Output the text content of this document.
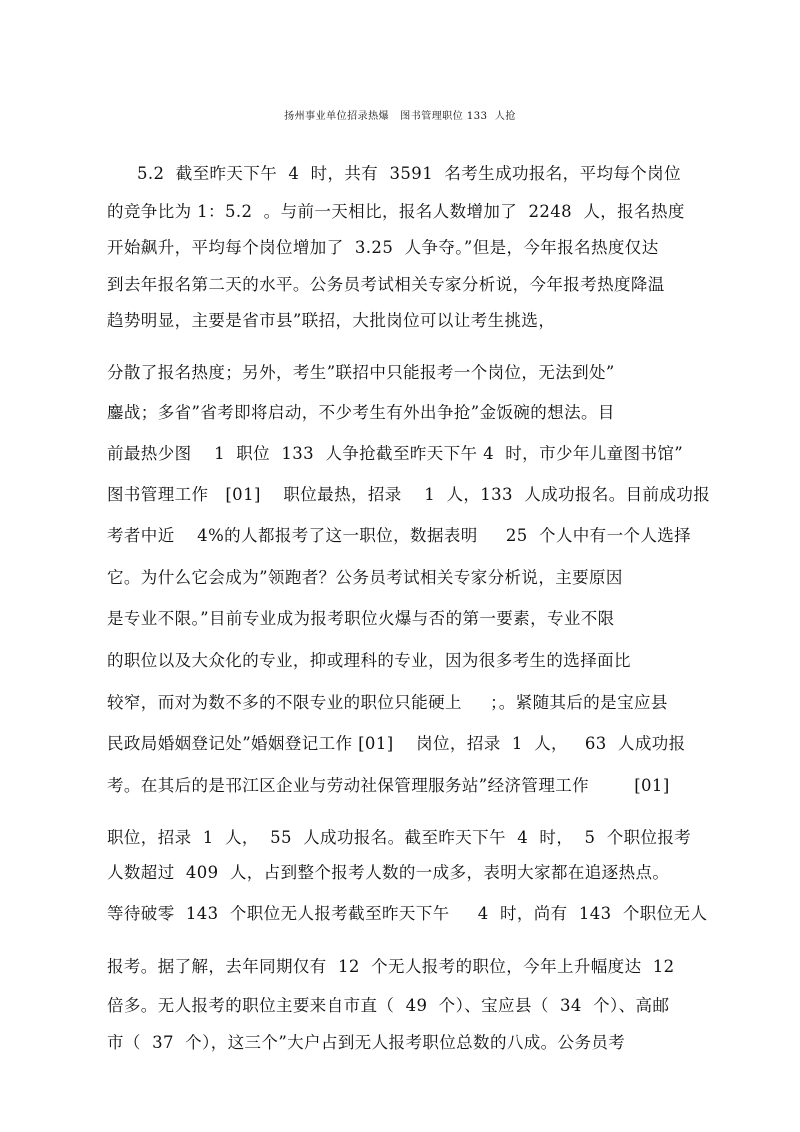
扬州事业单位招录热爆   图书管理职位 133  人抢
5.2  截至昨天下午  4  时，共有  3591  名考生成功报名，平均每个岗位
的竞争比为 1：5.2  。与前一天相比，报名人数增加了  2248  人，报名热度
开始飙升，平均每个岗位增加了  3.25  人争夺。”但是，今年报名热度仅达
到去年报名第二天的水平。公务员考试相关专家分析说，今年报考热度降温
趋势明显，主要是省市县”联招，大批岗位可以让考生挑选，
分散了报名热度；另外，考生”联招中只能报考一个岗位，无法到处”
鏖战；多省”省考即将启动，不少考生有外出争抢”金饭碗的想法。目
前最热少图    1  职位  133  人争抢截至昨天下午 4  时，市少年儿童图书馆”
图书管理工作   [01]    职位最热，招录    1  人，133  人成功报名。目前成功报
考者中近    4%的人都报考了这一职位，数据表明     25  个人中有一个人选择
它。为什么它会成为”领跑者？公务员考试相关专家分析说，主要原因
是专业不限。”目前专业成为报考职位火爆与否的第一要素，专业不限
的职位以及大众化的专业，抑或理科的专业，因为很多考生的选择面比
较窄，而对为数不多的不限专业的职位只能硬上     ；。紧随其后的是宝应县
民政局婚姻登记处”婚姻登记工作 [01]    岗位，招录  1  人，   63  人成功报
考。在其后的是邗江区企业与劳动社保管理服务站”经济管理工作        [01]
职位，招录  1  人，  55  人成功报名。截至昨天下午  4  时，  5  个职位报考
人数超过  409  人，占到整个报考人数的一成多，表明大家都在追逐热点。
等待破零  143  个职位无人报考截至昨天下午     4  时，尚有  143  个职位无人
报考。据了解，去年同期仅有  12  个无人报考的职位，今年上升幅度达  12
倍多。无人报考的职位主要来自市直（  49  个）、宝应县（  34  个）、高邮
市（  37  个），这三个”大户占到无人报考职位总数的八成。公务员考
